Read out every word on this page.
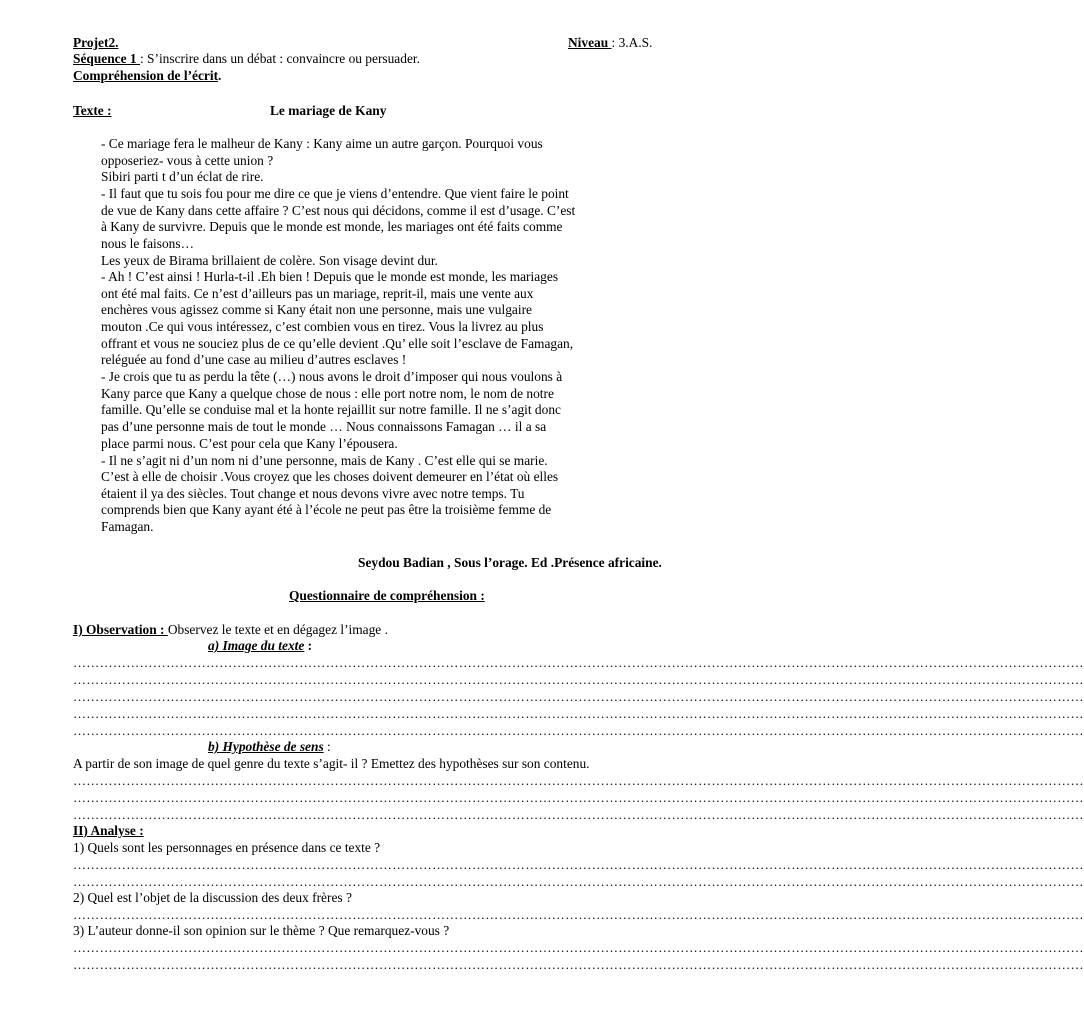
Projet2.	Niveau : 3.A.S.
Séquence 1 : S’inscrire dans un débat : convaincre ou persuader.
Compréhension de l’écrit.
Texte :	Le mariage de Kany
- Ce mariage fera le malheur de Kany : Kany aime un autre garçon. Pourquoi vous
opposeriez- vous à cette union ?
Sibiri parti t d’un éclat de rire.
- Il faut que tu sois fou pour me dire ce que je viens d’entendre. Que vient faire le point
de vue de Kany dans cette affaire ? C’est nous qui décidons, comme il est d’usage. C’est
à Kany de survivre. Depuis que le monde est monde, les mariages ont été faits comme
nous le faisons…
Les yeux de Birama brillaient de colère. Son visage devint dur.
- Ah ! C’est ainsi ! Hurla-t-il .Eh bien ! Depuis que le monde est monde, les mariages
ont été mal faits. Ce n’est d’ailleurs pas un mariage, reprit-il, mais une vente aux
enchères vous agissez comme si Kany était non une personne, mais une vulgaire
mouton .Ce qui vous intéressez, c’est combien vous en tirez. Vous la livrez au plus
offrant et vous ne souciez plus de ce qu’elle devient .Qu’ elle soit l’esclave de Famagan,
reléguée au fond d’une case au milieu d’autres esclaves !
- Je crois que tu as perdu la tête (…) nous avons le droit d’imposer qui nous voulons à
Kany parce que Kany a quelque chose de nous : elle port notre nom, le nom de notre
famille. Qu’elle se conduise mal et la honte rejaillit sur notre famille. Il ne s’agit donc
pas d’une personne mais de tout le monde … Nous connaissons Famagan … il a sa
place parmi nous. C’est pour cela que Kany l’épousera.
- Il ne s’agit ni d’un nom ni d’une personne, mais de Kany . C’est elle qui se marie.
C’est à elle de choisir .Vous croyez que les choses doivent demeurer en l’état où elles
étaient il ya des siècles. Tout change et nous devons vivre avec notre temps. Tu
comprends bien que Kany ayant été à l’école ne peut pas être la troisième femme de
Famagan.
Seydou Badian , Sous l’orage. Ed .Présence africaine.
Questionnaire de compréhension :
I) Observation : Observez le texte et en dégagez l’image .
a) Image du texte :
…………………………………………………………………………………………………………………………………………………………………………………………………………
…………………………………………………………………………………………………………………………………………………………………………………………………………
…………………………………………………………………………………………………………………………………………………………………………………………………………
…………………………………………………………………………………………………………………………………………………………………………………………………………
…………………………………………………………………………………………………………………………………………………………………………………………………………
b) Hypothèse de sens :
A partir de son image de quel genre du texte s’agit- il ? Emettez des hypothèses sur son contenu.
…………………………………………………………………………………………………………………………………………………………………………………………………………
…………………………………………………………………………………………………………………………………………………………………………………………………………
…………………………………………………………………………………………………………………………………………………………………………………………………………
II) Analyse :
1) Quels sont les personnages en présence dans ce texte ?
…………………………………………………………………………………………………………………………………………………………………………………………………………
…………………………………………………………………………………………………………………………………………………………………………………………………………
2) Quel est l’objet de la discussion des deux frères ?
…………………………………………………………………………………………………………………………………………………………………………………………………………
3) L’auteur donne-il son opinion sur le thème ? Que remarquez-vous ?
…………………………………………………………………………………………………………………………………………………………………………………………………………
…………………………………………………………………………………………………………………………………………………………………………………………………………
